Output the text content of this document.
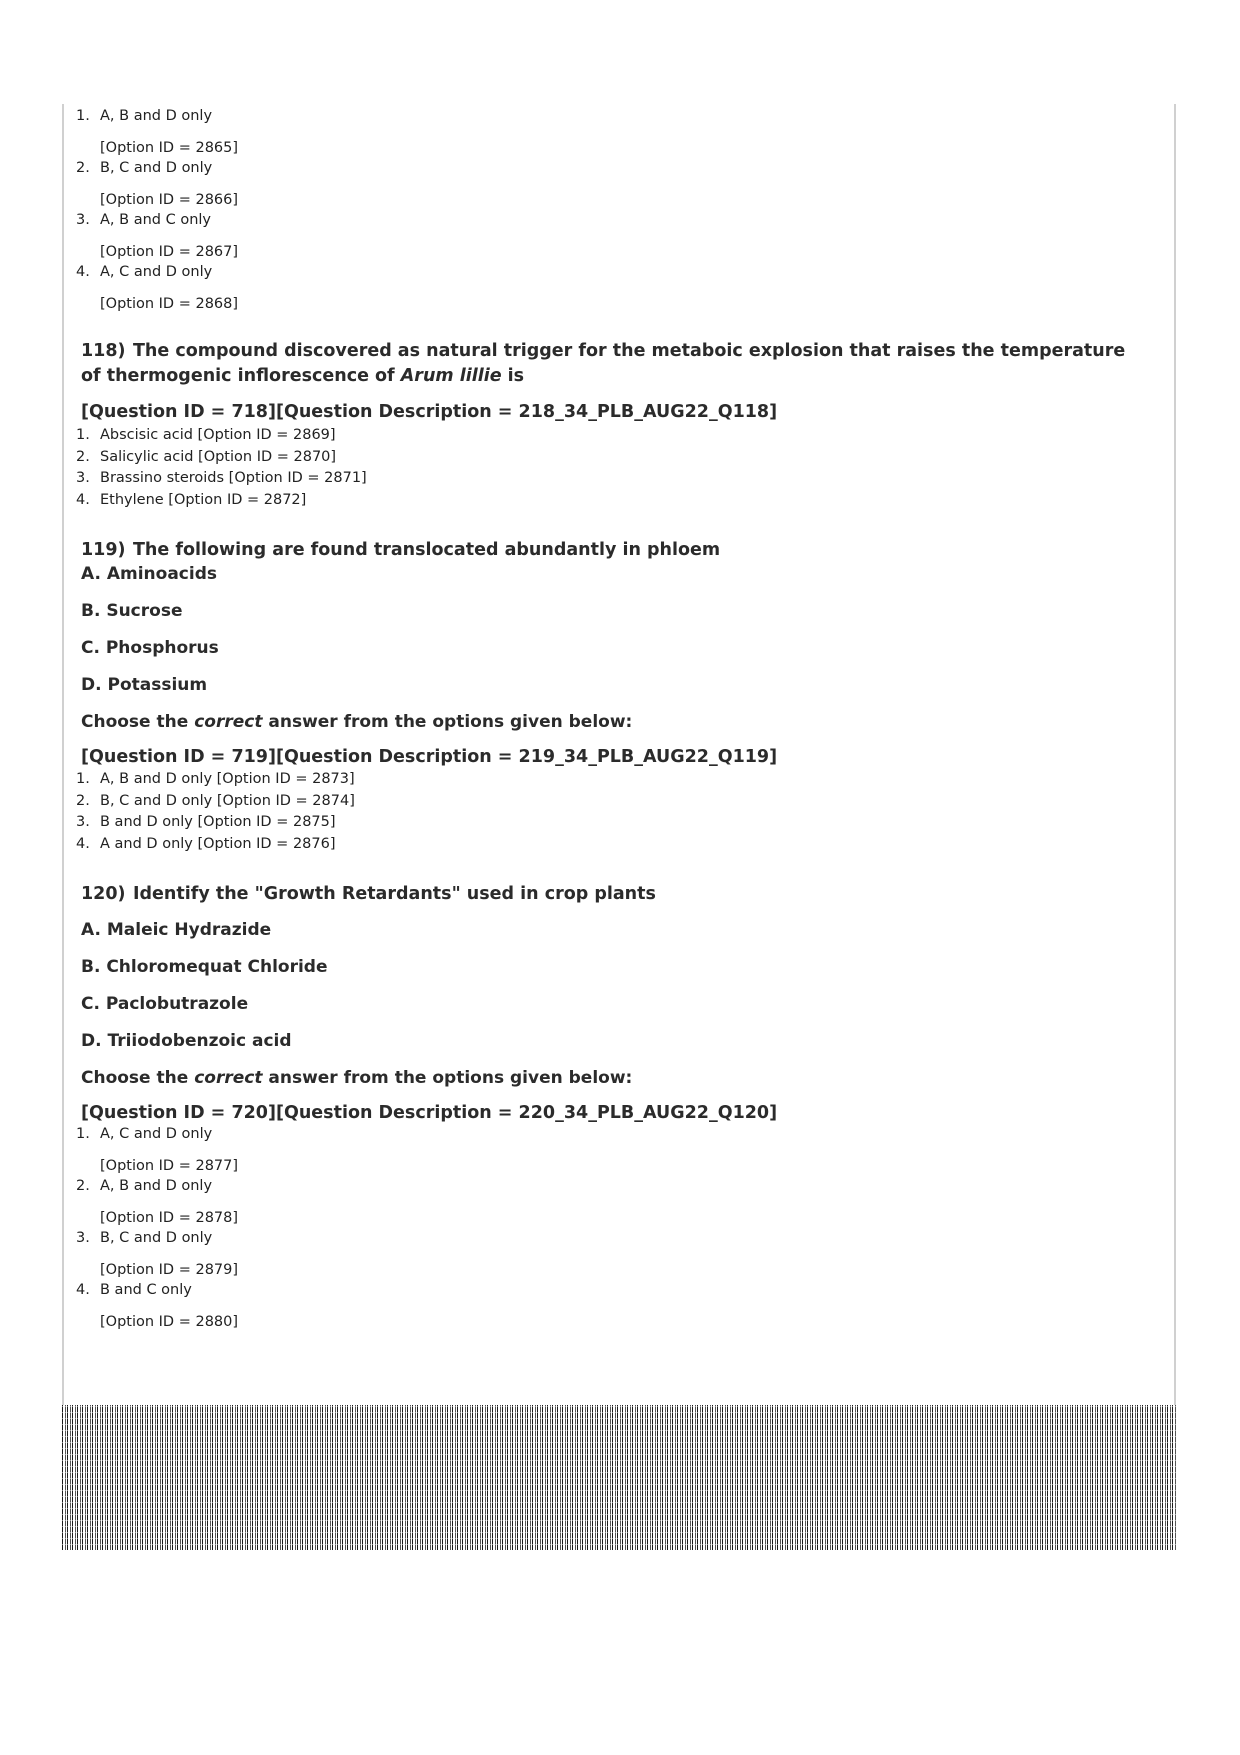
1. A, B and D only
[Option ID = 2865]
2. B, C and D only
[Option ID = 2866]
3. A, B and C only
[Option ID = 2867]
4. A, C and D only
[Option ID = 2868]
118) The compound discovered as natural trigger for the metaboic explosion that raises the temperature of thermogenic inflorescence of Arum lillie is
[Question ID = 718][Question Description = 218_34_PLB_AUG22_Q118]
1. Abscisic acid [Option ID = 2869]
2. Salicylic acid [Option ID = 2870]
3. Brassino steroids [Option ID = 2871]
4. Ethylene [Option ID = 2872]
119) The following are found translocated abundantly in phloem
A. Aminoacids
B. Sucrose
C. Phosphorus
D. Potassium
Choose the correct answer from the options given below:
[Question ID = 719][Question Description = 219_34_PLB_AUG22_Q119]
1. A, B and D only [Option ID = 2873]
2. B, C and D only [Option ID = 2874]
3. B and D only [Option ID = 2875]
4. A and D only [Option ID = 2876]
120) Identify the "Growth Retardants" used in crop plants
A. Maleic Hydrazide
B. Chloromequat Chloride
C. Paclobutrazole
D. Triiodobenzoic acid
Choose the correct answer from the options given below:
[Question ID = 720][Question Description = 220_34_PLB_AUG22_Q120]
1. A, C and D only
[Option ID = 2877]
2. A, B and D only
[Option ID = 2878]
3. B, C and D only
[Option ID = 2879]
4. B and C only
[Option ID = 2880]
